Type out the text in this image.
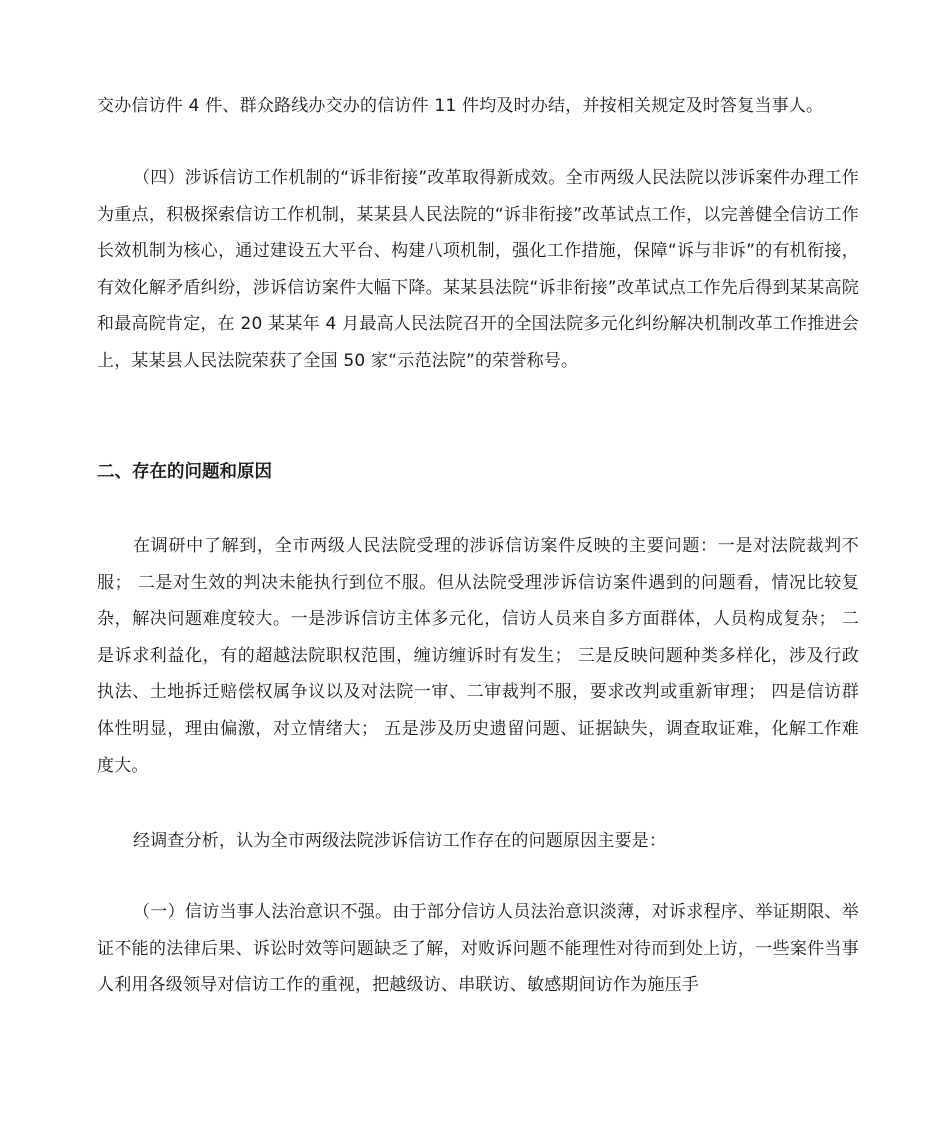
交办信访件 4 件、群众路线办交办的信访件 11 件均及时办结，并按相关规定及时答复当事人。

（四）涉诉信访工作机制的“诉非衔接”改革取得新成效。全市两级人民法院以涉诉案件办理工作为重点，积极探索信访工作机制，某某县人民法院的“诉非衔接”改革试点工作，以完善健全信访工作长效机制为核心，通过建设五大平台、构建八项机制，强化工作措施，保障“诉与非诉”的有机衔接，有效化解矛盾纠纷，涉诉信访案件大幅下降。某某县法院“诉非衔接”改革试点工作先后得到某某高院和最高院肯定，在 20 某某年 4 月最高人民法院召开的全国法院多元化纠纷解决机制改革工作推进会上，某某县人民法院荣获了全国 50 家“示范法院”的荣誉称号。

二、存在的问题和原因

在调研中了解到，全市两级人民法院受理的涉诉信访案件反映的主要问题：一是对法院裁判不服； 二是对生效的判决未能执行到位不服。但从法院受理涉诉信访案件遇到的问题看，情况比较复杂，解决问题难度较大。一是涉诉信访主体多元化，信访人员来自多方面群体，人员构成复杂； 二是诉求利益化，有的超越法院职权范围，缠访缠诉时有发生； 三是反映问题种类多样化，涉及行政执法、土地拆迁赔偿权属争议以及对法院一审、二审裁判不服，要求改判或重新审理； 四是信访群体性明显，理由偏激，对立情绪大； 五是涉及历史遗留问题、证据缺失，调查取证难，化解工作难度大。

经调查分析，认为全市两级法院涉诉信访工作存在的问题原因主要是：

（一）信访当事人法治意识不强。由于部分信访人员法治意识淡薄，对诉求程序、举证期限、举证不能的法律后果、诉讼时效等问题缺乏了解，对败诉问题不能理性对待而到处上访，一些案件当事人利用各级领导对信访工作的重视，把越级访、串联访、敏感期间访作为施压手
